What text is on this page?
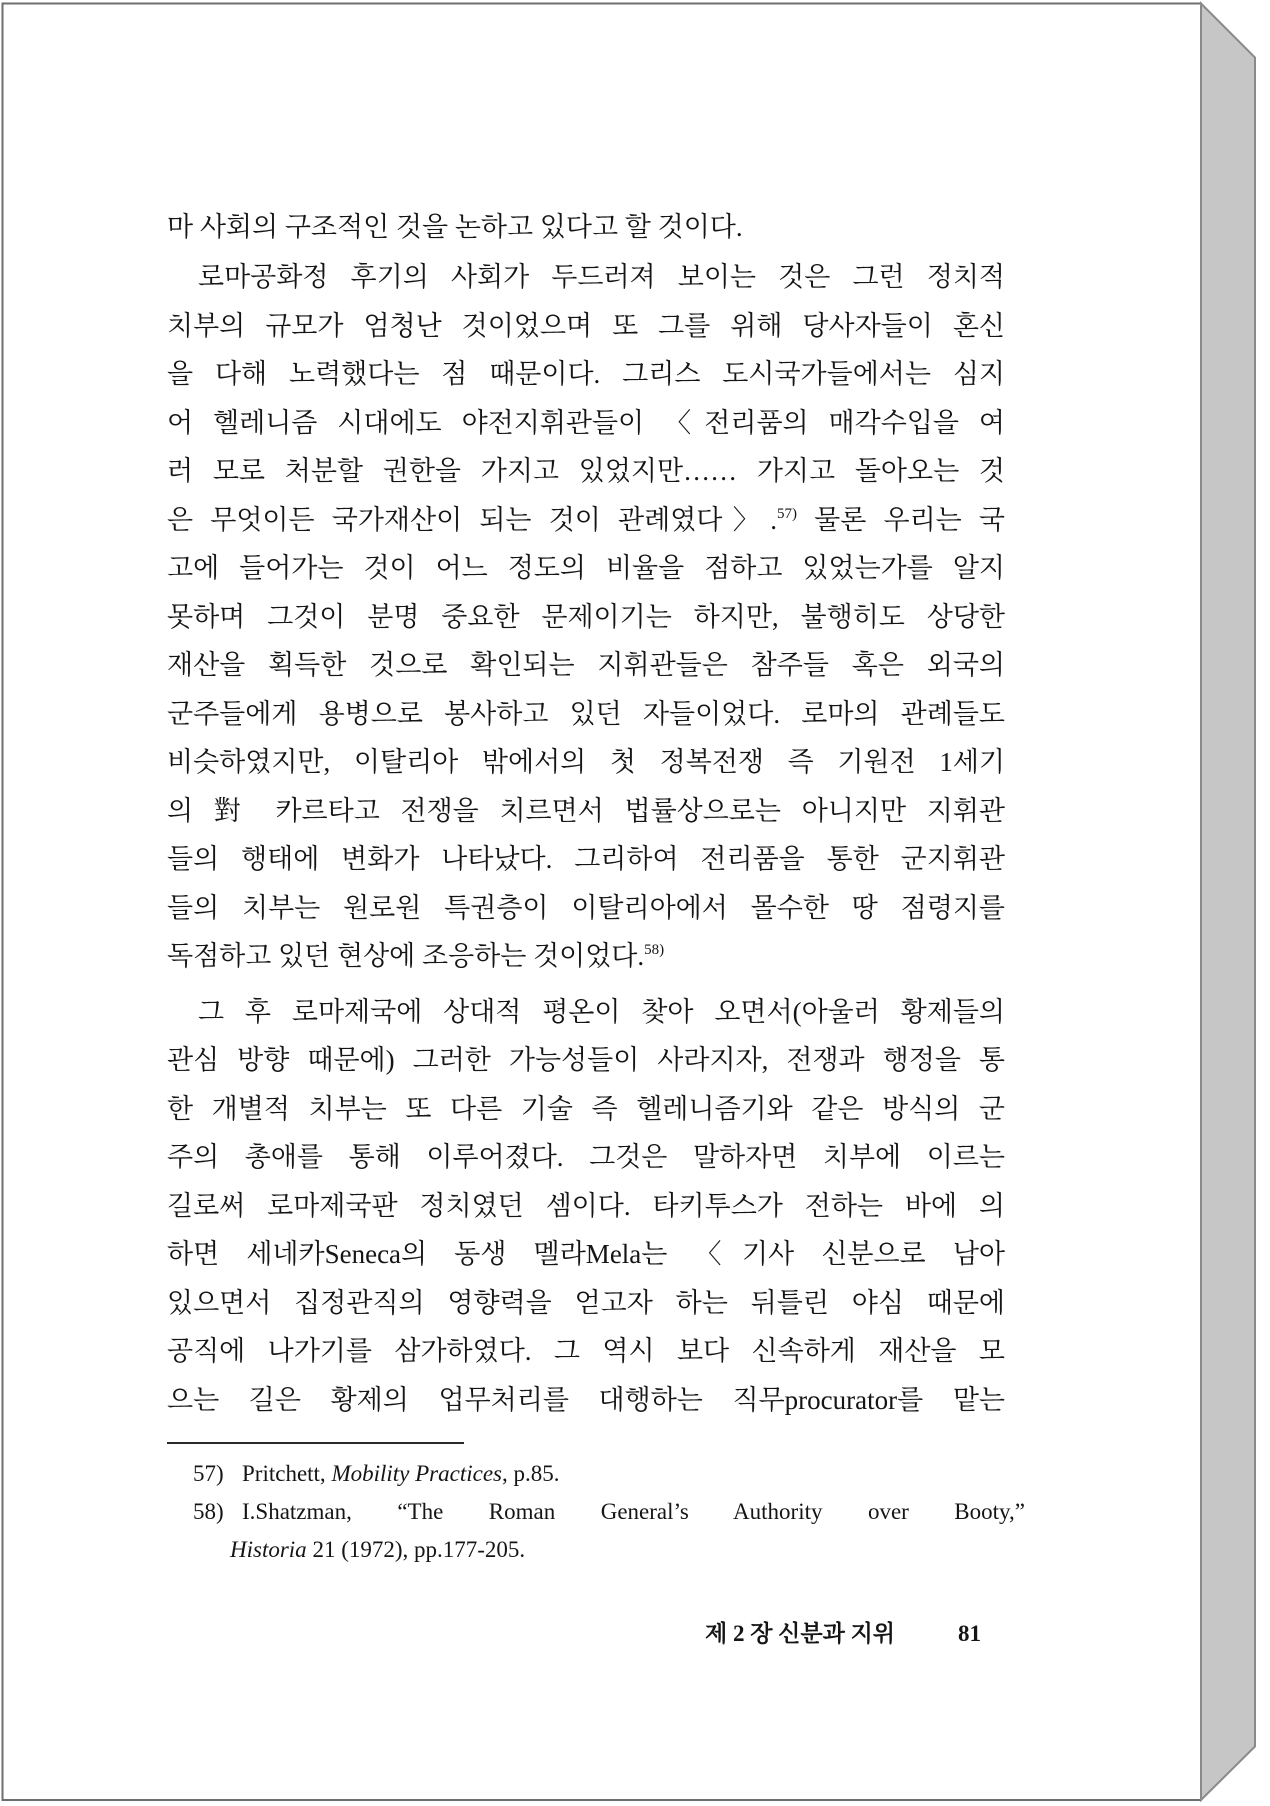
마 사회의 구조적인 것을 논하고 있다고 할 것이다.
로마공화정 후기의 사회가 두드러져 보이는 것은 그런 정치적
치부의 규모가 엄청난 것이었으며 또 그를 위해 당사자들이 혼신
을 다해 노력했다는 점 때문이다. 그리스 도시국가들에서는 심지
어 헬레니즘 시대에도 야전지휘관들이 〈전리품의 매각수입을 여
러 모로 처분할 권한을 가지고 있었지만…… 가지고 돌아오는 것
은 무엇이든 국가재산이 되는 것이 관례였다〉.$^{57)}$ 물론 우리는 국
고에 들어가는 것이 어느 정도의 비율을 점하고 있었는가를 알지
못하며 그것이 분명 중요한 문제이기는 하지만, 불행히도 상당한
재산을 획득한 것으로 확인되는 지휘관들은 참주들 혹은 외국의
군주들에게 용병으로 봉사하고 있던 자들이었다. 로마의 관례들도
비슷하였지만, 이탈리아 밖에서의 첫 정복전쟁 즉 기원전 1세기
의 對 카르타고 전쟁을 치르면서 법률상으로는 아니지만 지휘관
들의 행태에 변화가 나타났다. 그리하여 전리품을 통한 군지휘관
들의 치부는 원로원 특권층이 이탈리아에서 몰수한 땅 점령지를
독점하고 있던 현상에 조응하는 것이었다.$^{58)}$
그 후 로마제국에 상대적 평온이 찾아 오면서(아울러 황제들의
관심 방향 때문에) 그러한 가능성들이 사라지자, 전쟁과 행정을 통
한 개별적 치부는 또 다른 기술 즉 헬레니즘기와 같은 방식의 군
주의 총애를 통해 이루어졌다. 그것은 말하자면 치부에 이르는
길로써 로마제국판 정치였던 셈이다. 타키투스가 전하는 바에 의
하면 세네카Seneca의 동생 멜라Mela는 〈기사 신분으로 남아
있으면서 집정관직의 영향력을 얻고자 하는 뒤틀린 야심 때문에
공직에 나가기를 삼가하였다. 그 역시 보다 신속하게 재산을 모
으는 길은 황제의 업무처리를 대행하는 직무procurator를 맡는
57) Pritchett, Mobility Practices, p.85.
58) I.Shatzman, “The Roman General’s Authority over Booty,”
Historia 21 (1972), pp.177-205.
제 2 장 신분과 지위	81
